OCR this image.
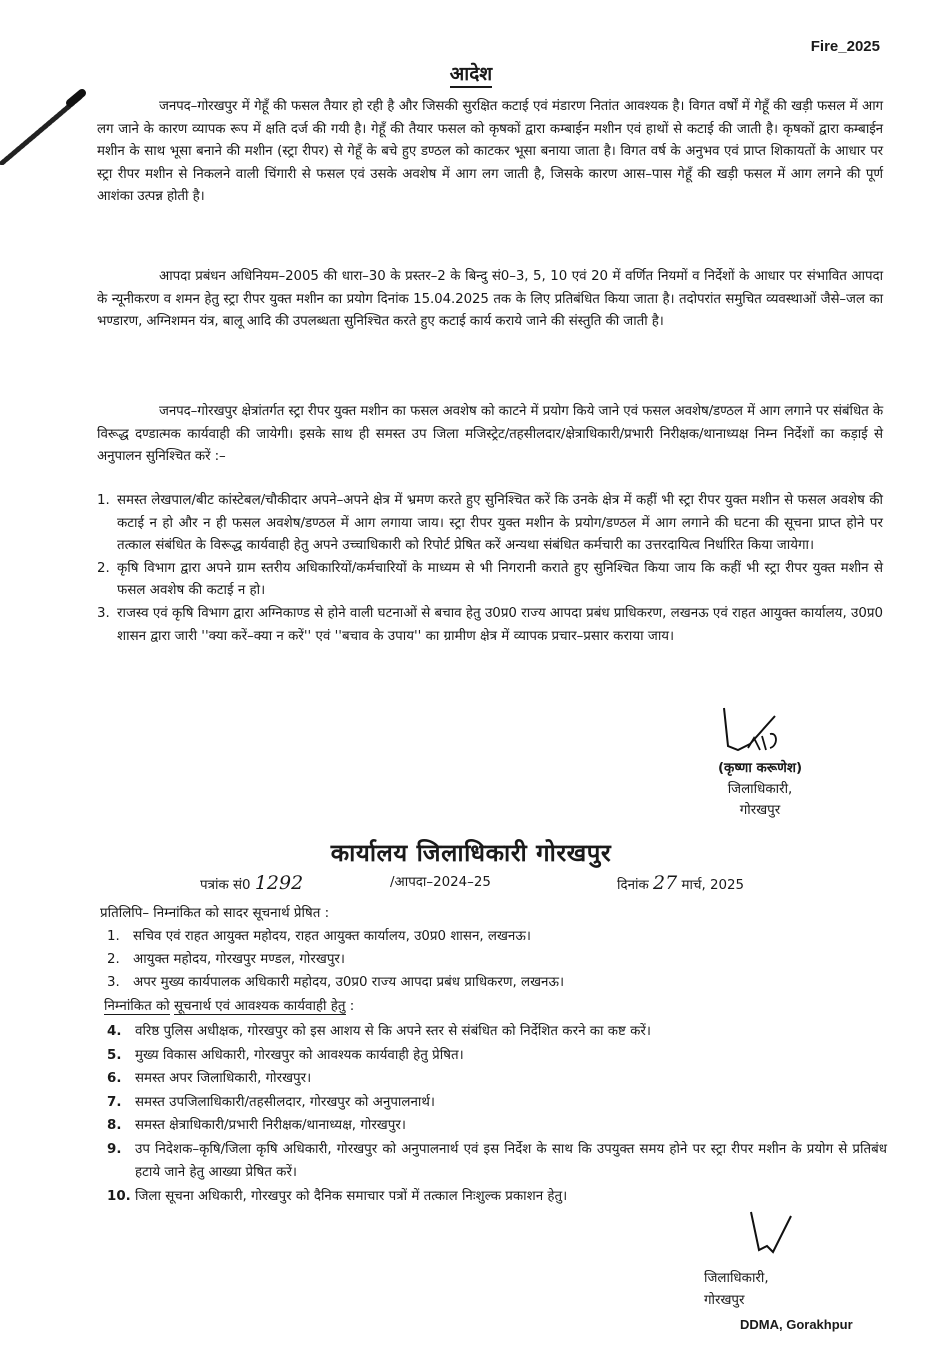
Fire_2025
आदेश

जनपद–गोरखपुर में गेहूँ की फसल तैयार हो रही है और जिसकी सुरक्षित कटाई एवं मंडारण नितांत आवश्यक है। विगत वर्षों में गेहूँ की खड़ी फसल में आग लग जाने के कारण व्यापक रूप में क्षति दर्ज की गयी है। गेहूँ की तैयार फसल को कृषकों द्वारा कम्बाईन मशीन एवं हाथों से कटाई की जाती है। कृषकों द्वारा कम्बाईन मशीन के साथ भूसा बनाने की मशीन (स्ट्रा रीपर) से गेहूँ के बचे हुए डण्ठल को काटकर भूसा बनाया जाता है। विगत वर्ष के अनुभव एवं प्राप्त शिकायतों के आधार पर स्ट्रा रीपर मशीन से निकलने वाली चिंगारी से फसल एवं उसके अवशेष में आग लग जाती है, जिसके कारण आस–पास गेहूँ की खड़ी फसल में आग लगने की पूर्ण आशंका उत्पन्न होती है।

आपदा प्रबंधन अधिनियम–2005 की धारा–30 के प्रस्तर–2 के बिन्दु सं0–3, 5, 10 एवं 20 में वर्णित नियमों व निर्देशों के आधार पर संभावित आपदा के न्यूनीकरण व शमन हेतु स्ट्रा रीपर युक्त मशीन का प्रयोग दिनांक 15.04.2025 तक के लिए प्रतिबंधित किया जाता है। तदोपरांत समुचित व्यवस्थाओं जैसे–जल का भण्डारण, अग्निशमन यंत्र, बालू आदि की उपलब्धता सुनिश्चित करते हुए कटाई कार्य कराये जाने की संस्तुति की जाती है।

जनपद–गोरखपुर क्षेत्रांतर्गत स्ट्रा रीपर युक्त मशीन का फसल अवशेष को काटने में प्रयोग किये जाने एवं फसल अवशेष/डण्ठल में आग लगाने पर संबंधित के विरूद्ध दण्डात्मक कार्यवाही की जायेगी। इसके साथ ही समस्त उप जिला मजिस्ट्रेट/तहसीलदार/क्षेत्राधिकारी/प्रभारी निरीक्षक/थानाध्यक्ष निम्न निर्देशों का कड़ाई से अनुपालन सुनिश्चित करें :–

1. समस्त लेखपाल/बीट कांस्टेबल/चौकीदार अपने–अपने क्षेत्र में भ्रमण करते हुए सुनिश्चित करें कि उनके क्षेत्र में कहीं भी स्ट्रा रीपर युक्त मशीन से फसल अवशेष की कटाई न हो और न ही फसल अवशेष/डण्ठल में आग लगाया जाय। स्ट्रा रीपर युक्त मशीन के प्रयोग/डण्ठल में आग लगाने की घटना की सूचना प्राप्त होने पर तत्काल संबंधित के विरूद्ध कार्यवाही हेतु अपने उच्चाधिकारी को रिपोर्ट प्रेषित करें अन्यथा संबंधित कर्मचारी का उत्तरदायित्व निर्धारित किया जायेगा।
2. कृषि विभाग द्वारा अपने ग्राम स्तरीय अधिकारियों/कर्मचारियों के माध्यम से भी निगरानी कराते हुए सुनिश्चित किया जाय कि कहीं भी स्ट्रा रीपर युक्त मशीन से फसल अवशेष की कटाई न हो।
3. राजस्व एवं कृषि विभाग द्वारा अग्निकाण्ड से होने वाली घटनाओं से बचाव हेतु उ0प्र0 राज्य आपदा प्रबंध प्राधिकरण, लखनऊ एवं राहत आयुक्त कार्यालय, उ0प्र0 शासन द्वारा जारी ''क्या करें–क्या न करें'' एवं ''बचाव के उपाय'' का ग्रामीण क्षेत्र में व्यापक प्रचार–प्रसार कराया जाय।
(कृष्णा करूणेश)
जिलाधिकारी,
गोरखपुर
कार्यालय जिलाधिकारी गोरखपुर
पत्रांक सं0 1292	/आपदा–2024–25	दिनांक 27 मार्च, 2025
प्रतिलिपि– निम्नांकित को सादर सूचनार्थ प्रेषित :
1. सचिव एवं राहत आयुक्त महोदय, राहत आयुक्त कार्यालय, उ0प्र0 शासन, लखनऊ।
2. आयुक्त महोदय, गोरखपुर मण्डल, गोरखपुर।
3. अपर मुख्य कार्यपालक अधिकारी महोदय, उ0प्र0 राज्य आपदा प्रबंध प्राधिकरण, लखनऊ।
निम्नांकित को सूचनार्थ एवं आवश्यक कार्यवाही हेतु :
4.	वरिष्ठ पुलिस अधीक्षक, गोरखपुर को इस आशय से कि अपने स्तर से संबंधित को निर्देशित करने का कष्ट करें।
5.	मुख्य विकास अधिकारी, गोरखपुर को आवश्यक कार्यवाही हेतु प्रेषित।
6.	समस्त अपर जिलाधिकारी, गोरखपुर।
7.	समस्त उपजिलाधिकारी/तहसीलदार, गोरखपुर को अनुपालनार्थ।
8.	समस्त क्षेत्राधिकारी/प्रभारी निरीक्षक/थानाध्यक्ष, गोरखपुर।
9.	उप निदेशक–कृषि/जिला कृषि अधिकारी, गोरखपुर को अनुपालनार्थ एवं इस निर्देश के साथ कि उपयुक्त समय होने पर स्ट्रा रीपर मशीन के प्रयोग से प्रतिबंध हटाये जाने हेतु आख्या प्रेषित करें।
10. जिला सूचना अधिकारी, गोरखपुर को दैनिक समाचार पत्रों में तत्काल निःशुल्क प्रकाशन हेतु।
जिलाधिकारी,
गोरखपुर
DDMA, Gorakhpur
